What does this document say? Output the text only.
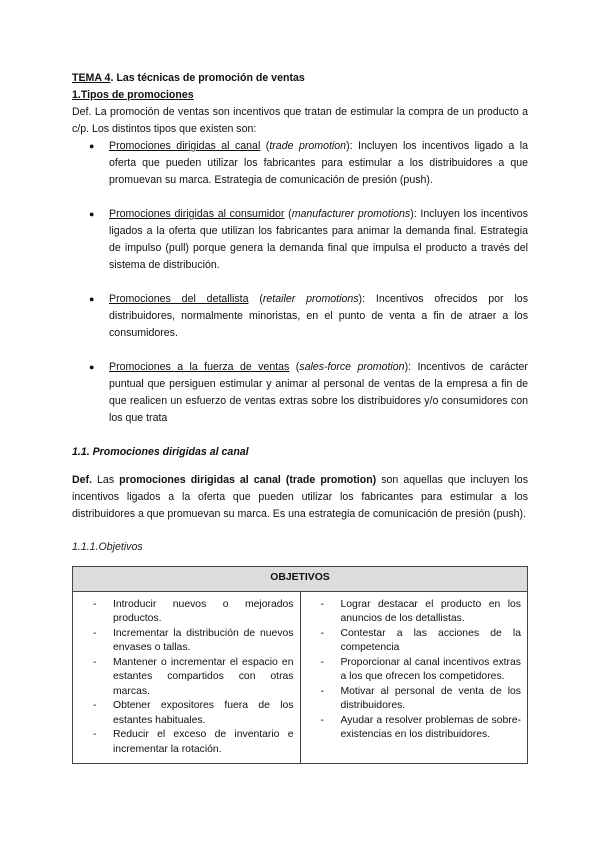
TEMA 4. Las técnicas de promoción de ventas

1.Tipos de promociones

Def. La promoción de ventas son incentivos que tratan de estimular la compra de un producto a c/p. Los distintos tipos que existen son:

● Promociones dirigidas al canal (trade promotion): Incluyen los incentivos ligado a la oferta que pueden utilizar los fabricantes para estimular a los distribuidores a que promuevan su marca. Estrategia de comunicación de presión (push).
● Promociones dirigidas al consumidor (manufacturer promotions): Incluyen los incentivos ligados a la oferta que utilizan los fabricantes para animar la demanda final. Estrategia de impulso (pull) porque genera la demanda final que impulsa el producto a través del sistema de distribución.
● Promociones del detallista (retailer promotions): Incentivos ofrecidos por los distribuidores, normalmente minoristas, en el punto de venta a fin de atraer a los consumidores.
● Promociones a la fuerza de ventas (sales-force promotion): Incentivos de carácter puntual que persiguen estimular y animar al personal de ventas de la empresa a fin de que realicen un esfuerzo de ventas extras sobre los distribuidores y/o consumidores con los que trata

1.1. Promociones dirigidas al canal

Def. Las promociones dirigidas al canal (trade promotion) son aquellas que incluyen los incentivos ligados a la oferta que pueden utilizar los fabricantes para estimular a los distribuidores a que promuevan su marca. Es una estrategia de comunicación de presión (push).

1.1.1.Objetivos

OBJETIVOS

- Introducir nuevos o mejorados productos.
- Incrementar la distribución de nuevos envases o tallas.
- Mantener o incrementar el espacio en estantes compartidos con otras marcas.
- Obtener expositores fuera de los estantes habituales.
- Reducir el exceso de inventario e incrementar la rotación.

- Lograr destacar el producto en los anuncios de los detallistas.
- Contestar a las acciones de la competencia
- Proporcionar al canal incentivos extras a los que ofrecen los competidores.
- Motivar al personal de venta de los distribuidores.
- Ayudar a resolver problemas de sobre-existencias en los distribuidores.
